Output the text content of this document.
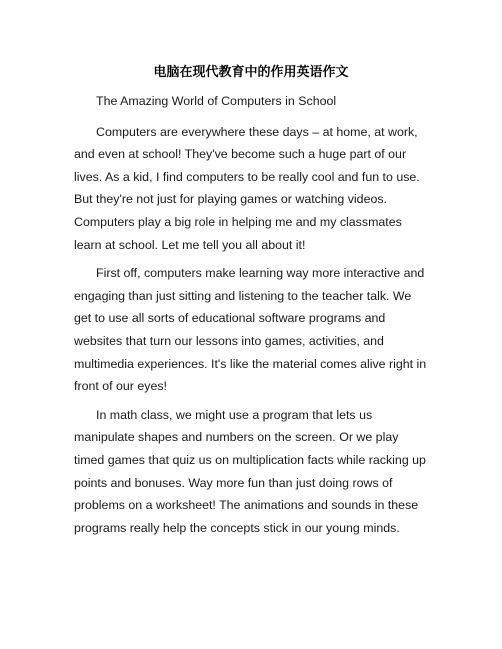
电脑在现代教育中的作用英语作文

The Amazing World of Computers in School

Computers are everywhere these days – at home, at work, and even at school! They've become such a huge part of our lives. As a kid, I find computers to be really cool and fun to use. But they're not just for playing games or watching videos. Computers play a big role in helping me and my classmates learn at school. Let me tell you all about it!

First off, computers make learning way more interactive and engaging than just sitting and listening to the teacher talk. We get to use all sorts of educational software programs and websites that turn our lessons into games, activities, and multimedia experiences. It's like the material comes alive right in front of our eyes!

In math class, we might use a program that lets us manipulate shapes and numbers on the screen. Or we play timed games that quiz us on multiplication facts while racking up points and bonuses. Way more fun than just doing rows of problems on a worksheet! The animations and sounds in these programs really help the concepts stick in our young minds.
